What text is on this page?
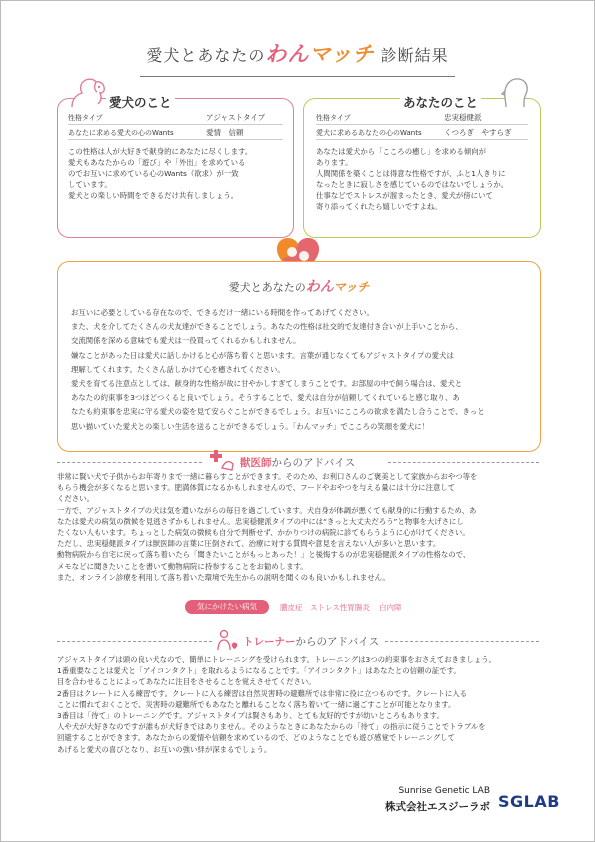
愛犬とあなたのわんマッチ 診断結果
愛犬のこと
性格タイプ	アジャストタイプ
あなたに求める愛犬の心のWants	愛情　信頼
この性格は人が大好きで献身的にあなたに尽くします。
愛犬もあなたからの「遊び」や「外出」を求めている
のでお互いに求めている心のWants（欲求）が一致
しています。
愛犬との楽しい時間をできるだけ共有しましょう。
あなたのこと
性格タイプ	忠実穏健派
愛犬に求めるあなたの心のWants	くつろぎ　やすらぎ
あなたは愛犬から「こころの癒し」を求める傾向が
あります。
人間関係を築くことは得意な性格ですが、ふと1人きりに
なったときに寂しさを感じているのではないでしょうか。
仕事などでストレスが溜まったとき、愛犬が傍にいて
寄り添ってくれたら嬉しいですよね。
愛犬とあなたのわんマッチ
お互いに必要としている存在なので、できるだけ一緒にいる時間を作ってあげてください。
また、犬を介してたくさんの犬友達ができることでしょう。あなたの性格は社交的で友達付き合いが上手いことから、
交流関係を深める意味でも愛犬は一役買ってくれるかもしれません。
嫌なことがあった日は愛犬に話しかけると心が落ち着くと思います。言葉が通じなくてもアジャストタイプの愛犬は
理解してくれます。たくさん話しかけて心を癒されてください。
愛犬を育てる注意点としては、献身的な性格が故に甘やかしすぎてしまうことです。お部屋の中で飼う場合は、愛犬と
あなたの約束事を3つほどつくると良いでしょう。そうすることで、愛犬は自分が信頼してくれていると感じ取り、あ
なたも約束事を忠実に守る愛犬の姿を見て安らぐことができるでしょう。お互いにこころの欲求を満たし合うことで、きっと
思い描いていた愛犬との楽しい生活を送ることができるでしょう。「わんマッチ」でこころの笑顔を愛犬に！
獣医師からのアドバイス
非常に賢い犬で子供からお年寄りまで一緒に暮らすことができます。そのため、お利口さんのご褒美として家族からおやつ等を
もらう機会が多くなると思います。肥満体質になるかもしれませんので、フードやおやつを与える量には十分に注意して
ください。
一方で、アジャストタイプの犬は気を遣いながらの毎日を過ごしています。犬自身が体調が悪くても献身的に行動するため、あ
なたは愛犬の病気の徴候を見逃さずかもしれません。忠実穏健派タイプの中には“きっと大丈夫だろう”と物事を大げさにし
たくない人もいます。ちょっとした病気の徴候も自分で判断せず、かかりつけの病院に診てもらうように心がけてください。
ただし、忠実穏健派タイプは獣医師の言葉に圧倒されて、治療に対する質問や意見を言えない人が多いと思います。
動物病院から自宅に戻って落ち着いたら「聞きたいことがもっとあった！」と後悔するのが忠実穏健派タイプの性格なので、
メモなどに聞きたいことを書いて動物病院に持参することをお勧めします。
また、オンライン診療を利用して落ち着いた環境で先生からの説明を聞くのも良いかもしれません。
気にかけたい病気	膿皮症 ストレス性胃腸炎 白内障
トレーナーからのアドバイス
アジャストタイプは頭の良い犬なので、簡単にトレーニングを受けられます。トレーニングは3つの約束事をおさえておきましょう。
1番重要なことは愛犬と「アイコンタクト」を取れるようになることです。「アイコンタクト」はあなたとの信頼の証です。
目を合わせることによってあなたに注目をさせることを覚えさせてください。
2番目はクレートに入る練習です。クレートに入る練習は自然災害時の避難所では非常に役に立つものです。クレートに入る
ことに慣れておくことで、災害時の避難所でもあなたと離れることなく落ち着いて一緒に過ごすことが可能となります。
3番目は「待て」のトレーニングです。アジャストタイプは賢さもあり、とても友好的ですが幼いところもあります。
人や犬が大好きなのですが誰もが犬好きではありません。そのようなときにあなたからの「待て」の指示に従うことでトラブルを
回避することができます。あなたからの愛情や信頼を求めているので、どのようなことでも遊び感覚でトレーニングして
あげると愛犬の喜びとなり、お互いの強い絆が深まるでしょう。
Sunrise Genetic LAB
株式会社エスジーラボ SGLAB
